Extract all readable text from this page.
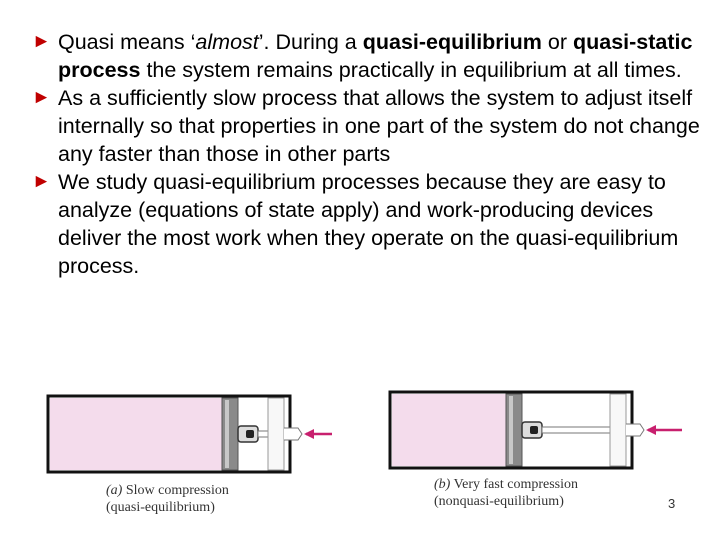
► Quasi means ‘almost’. During a quasi-equilibrium or quasi-static process the system remains practically in equilibrium at all times.
► As a sufficiently slow process that allows the system to adjust itself internally so that properties in one part of the system do not change any faster than those in other parts
► We study quasi-equilibrium processes because they are easy to analyze (equations of state apply) and work-producing devices deliver the most work when they operate on the quasi-equilibrium process.
(a) Slow compression
(quasi-equilibrium)
(b) Very fast compression
(nonquasi-equilibrium)	3
